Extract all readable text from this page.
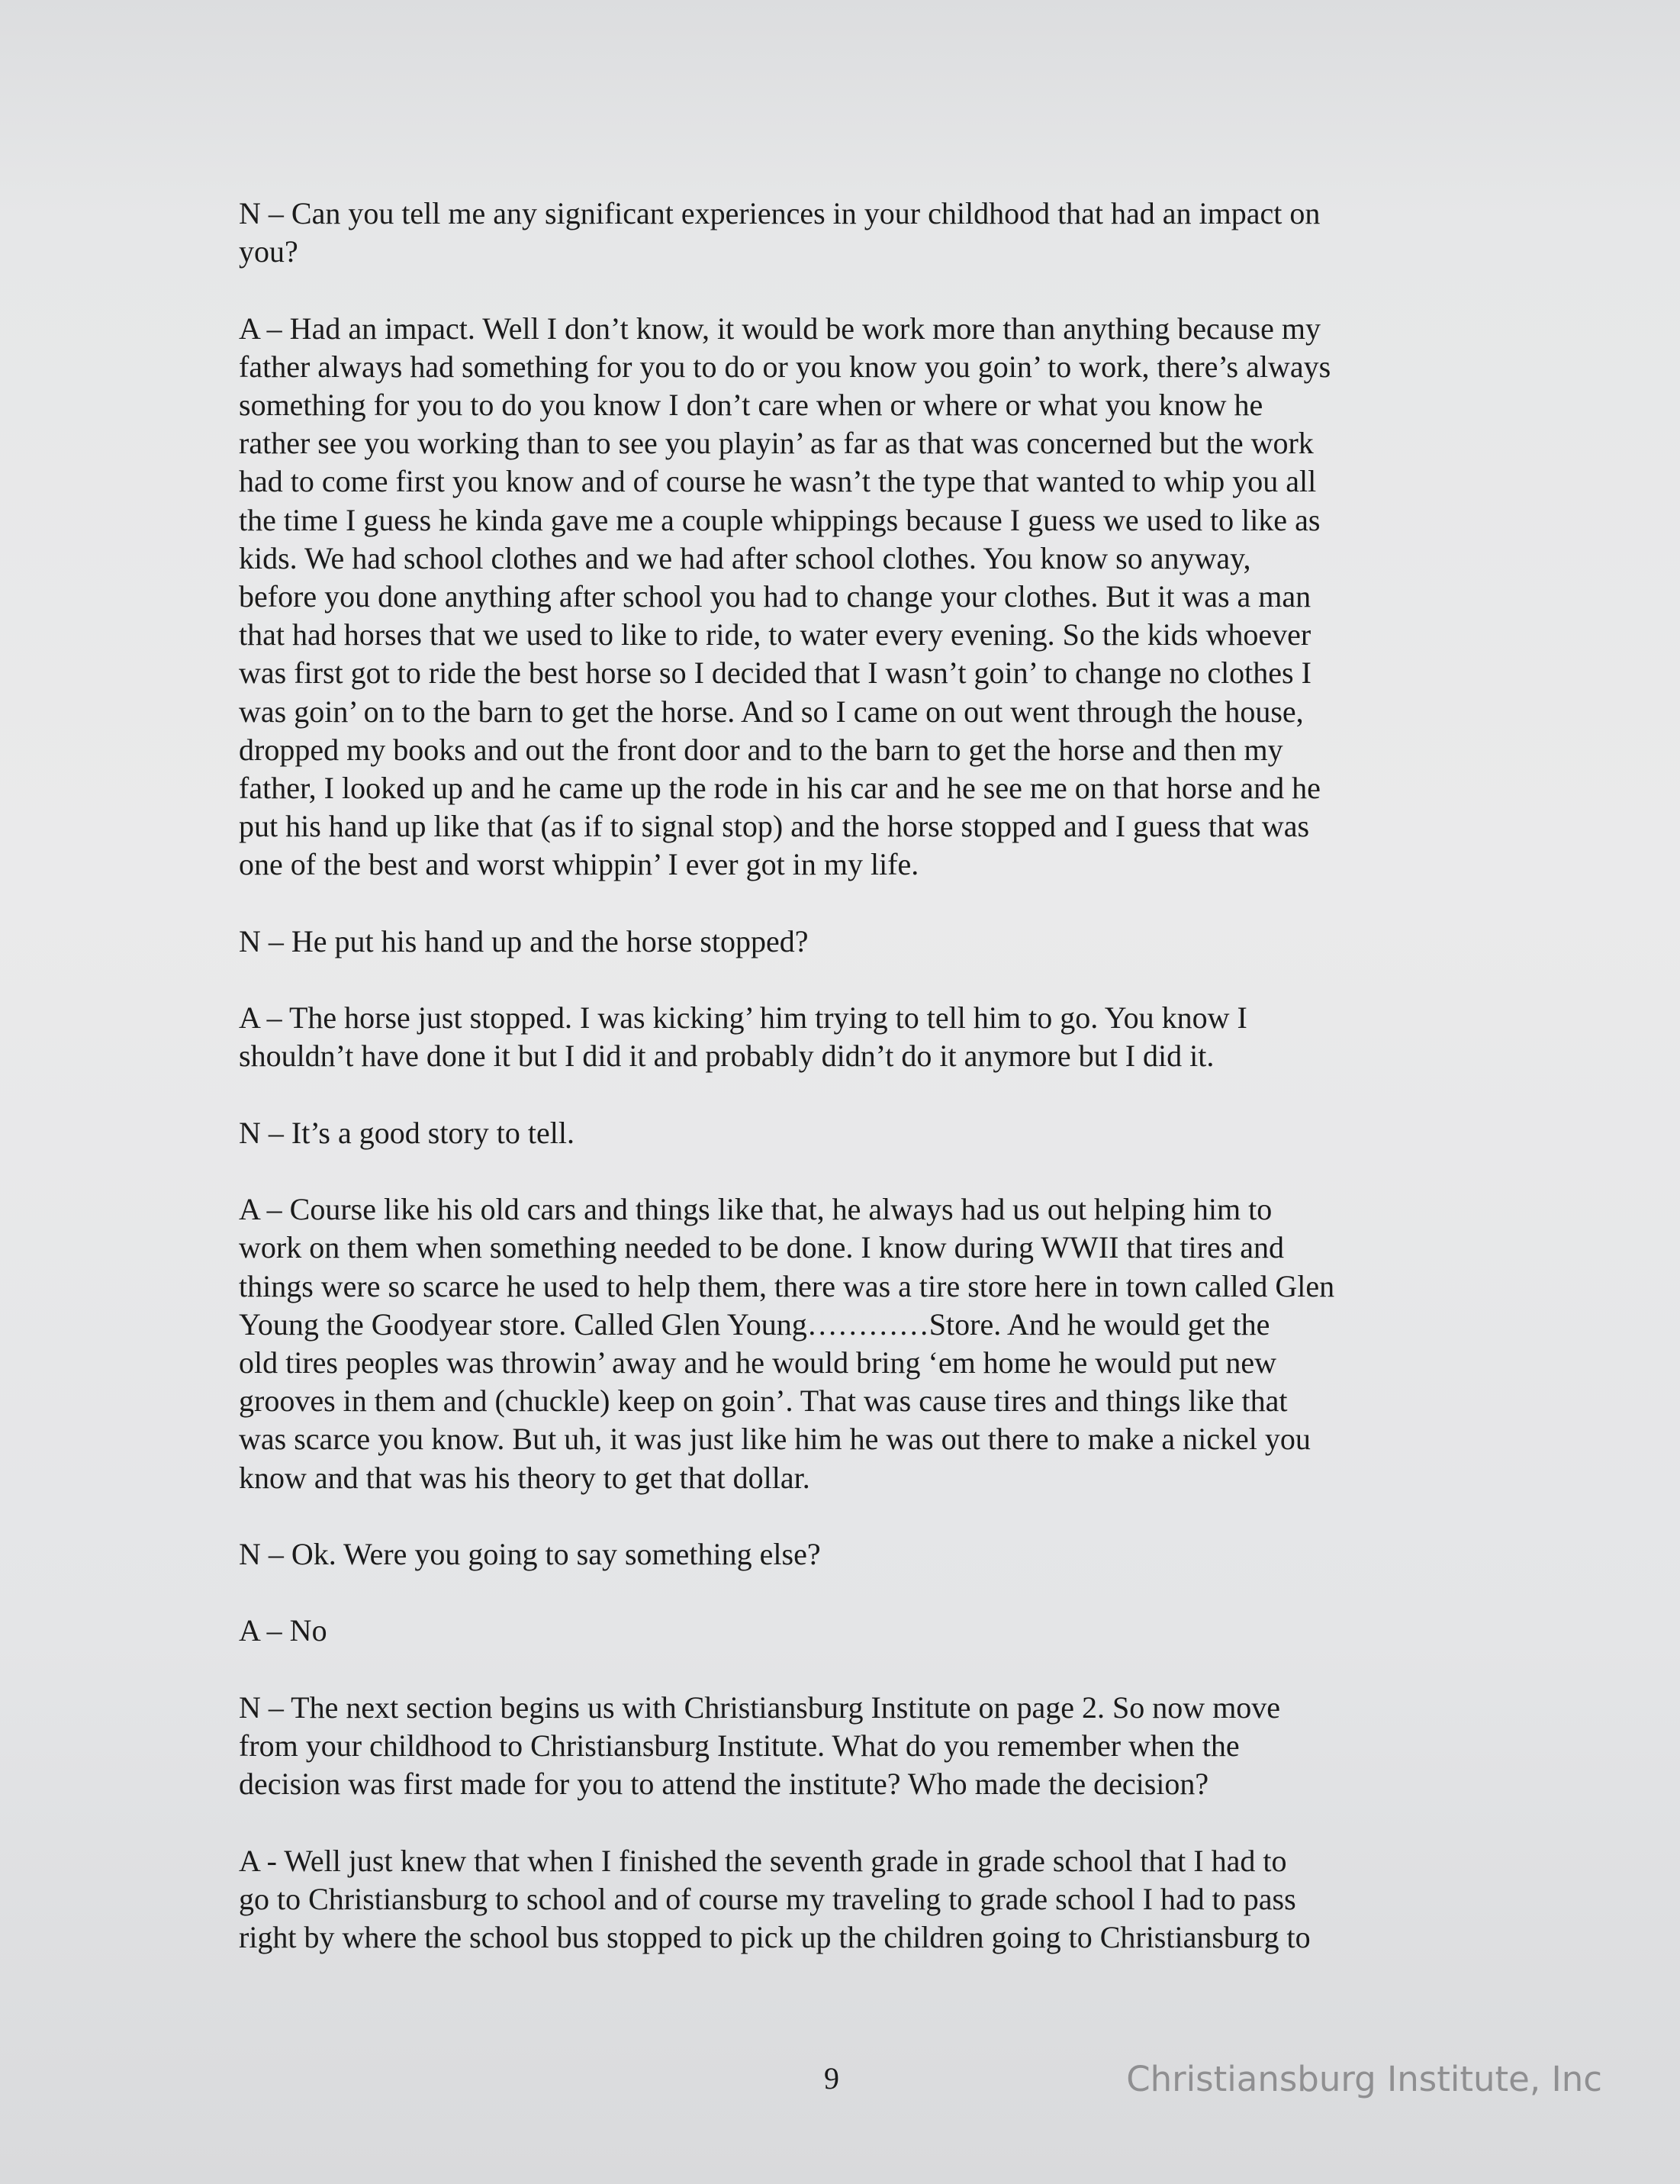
N – Can you tell me any significant experiences in your childhood that had an impact on
you?

A – Had an impact. Well I don’t know, it would be work more than anything because my
father always had something for you to do or you know you goin’ to work, there’s always
something for you to do you know I don’t care when or where or what you know he
rather see you working than to see you playin’ as far as that was concerned but the work
had to come first you know and of course he wasn’t the type that wanted to whip you all
the time I guess he kinda gave me a couple whippings because I guess we used to like as
kids. We had school clothes and we had after school clothes. You know so anyway,
before you done anything after school you had to change your clothes. But it was a man
that had horses that we used to like to ride, to water every evening. So the kids whoever
was first got to ride the best horse so I decided that I wasn’t goin’ to change no clothes I
was goin’ on to the barn to get the horse. And so I came on out went through the house,
dropped my books and out the front door and to the barn to get the horse and then my
father, I looked up and he came up the rode in his car and he see me on that horse and he
put his hand up like that (as if to signal stop) and the horse stopped and I guess that was
one of the best and worst whippin’ I ever got in my life.

N – He put his hand up and the horse stopped?

A – The horse just stopped. I was kicking’ him trying to tell him to go. You know I
shouldn’t have done it but I did it and probably didn’t do it anymore but I did it.

N – It’s a good story to tell.

A – Course like his old cars and things like that, he always had us out helping him to
work on them when something needed to be done. I know during WWII that tires and
things were so scarce he used to help them, there was a tire store here in town called Glen
Young the Goodyear store. Called Glen Young…………Store. And he would get the
old tires peoples was throwin’ away and he would bring ‘em home he would put new
grooves in them and (chuckle) keep on goin’. That was cause tires and things like that
was scarce you know. But uh, it was just like him he was out there to make a nickel you
know and that was his theory to get that dollar.

N – Ok. Were you going to say something else?

A – No

N – The next section begins us with Christiansburg Institute on page 2. So now move
from your childhood to Christiansburg Institute. What do you remember when the
decision was first made for you to attend the institute? Who made the decision?

A - Well just knew that when I finished the seventh grade in grade school that I had to
go to Christiansburg to school and of course my traveling to grade school I had to pass
right by where the school bus stopped to pick up the children going to Christiansburg to

9	Christiansburg Institute, Inc
